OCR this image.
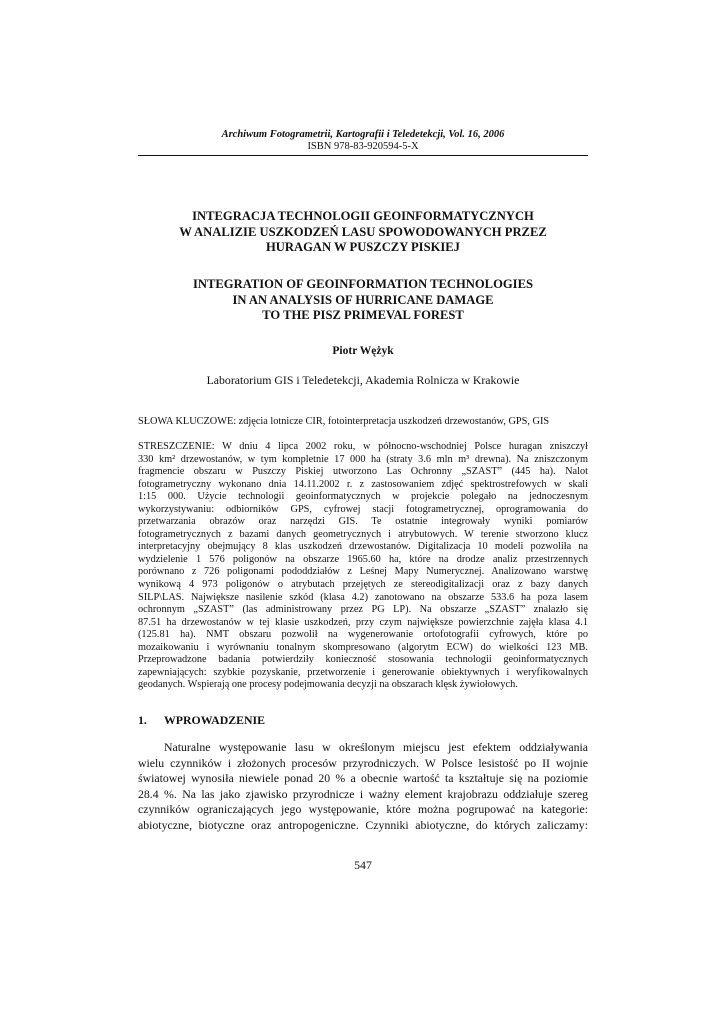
Archiwum Fotogrametrii, Kartografii i Teledetekcji, Vol. 16, 2006
ISBN 978-83-920594-5-X
INTEGRACJA TECHNOLOGII GEOINFORMATYCZNYCH
W ANALIZIE USZKODZEŃ LASU SPOWODOWANYCH PRZEZ
HURAGAN W PUSZCZY PISKIEJ
INTEGRATION OF GEOINFORMATION TECHNOLOGIES
IN AN ANALYSIS OF HURRICANE DAMAGE
TO THE PISZ PRIMEVAL FOREST
Piotr Wężyk
Laboratorium GIS i Teledetekcji, Akademia Rolnicza w Krakowie
SŁOWA KLUCZOWE: zdjęcia lotnicze CIR, fotointerpretacja uszkodzeń drzewostanów, GPS, GIS
STRESZCZENIE: W dniu 4 lipca 2002 roku, w północno-wschodniej Polsce huragan zniszczył
330 km² drzewostanów, w tym kompletnie 17 000 ha (straty 3.6 mln m³ drewna). Na zniszczonym
fragmencie obszaru w Puszczy Piskiej utworzono Las Ochronny „SZAST” (445 ha). Nalot
fotogrametryczny wykonano dnia 14.11.2002 r. z zastosowaniem zdjęć spektrostrefowych w skali
1:15 000. Użycie technologii geoinformatycznych w projekcie polegało na jednoczesnym
wykorzystywaniu: odbiorników GPS, cyfrowej stacji fotogrametrycznej, oprogramowania do
przetwarzania obrazów oraz narzędzi GIS. Te ostatnie integrowały wyniki pomiarów
fotogrametrycznych z bazami danych geometrycznych i atrybutowych. W terenie stworzono klucz
interpretacyjny obejmujący 8 klas uszkodzeń drzewostanów. Digitalizacja 10 modeli pozwoliła na
wydzielenie 1 576 poligonów na obszarze 1965.60 ha, które na drodze analiz przestrzennych
porównano z 726 poligonami pododdziałów z Leśnej Mapy Numerycznej. Analizowano warstwę
wynikową 4 973 poligonów o atrybutach przejętych ze stereodigitalizacji oraz z bazy danych
SILP\LAS. Największe nasilenie szkód (klasa 4.2) zanotowano na obszarze 533.6 ha poza lasem
ochronnym „SZAST” (las administrowany przez PG LP). Na obszarze „SZAST” znalazło się
87.51 ha drzewostanów w tej klasie uszkodzeń, przy czym największe powierzchnie zajęła klasa 4.1
(125.81 ha). NMT obszaru pozwolił na wygenerowanie ortofotografii cyfrowych, które po
mozaikowaniu i wyrównaniu tonalnym skompresowano (algorytm ECW) do wielkości 123 MB.
Przeprowadzone badania potwierdziły konieczność stosowania technologii geoinformatycznych
zapewniających: szybkie pozyskanie, przetworzenie i generowanie obiektywnych i weryfikowalnych
geodanych. Wspierają one procesy podejmowania decyzji na obszarach klęsk żywiołowych.
1. WPROWADZENIE
Naturalne występowanie lasu w określonym miejscu jest efektem oddziaływania
wielu czynników i złożonych procesów przyrodniczych. W Polsce lesistość po II wojnie
światowej wynosiła niewiele ponad 20 % a obecnie wartość ta kształtuje się na poziomie
28.4 %. Na las jako zjawisko przyrodnicze i ważny element krajobrazu oddziałuje szereg
czynników ograniczających jego występowanie, które można pogrupować na kategorie:
abiotyczne, biotyczne oraz antropogeniczne. Czynniki abiotyczne, do których zaliczamy:
547
